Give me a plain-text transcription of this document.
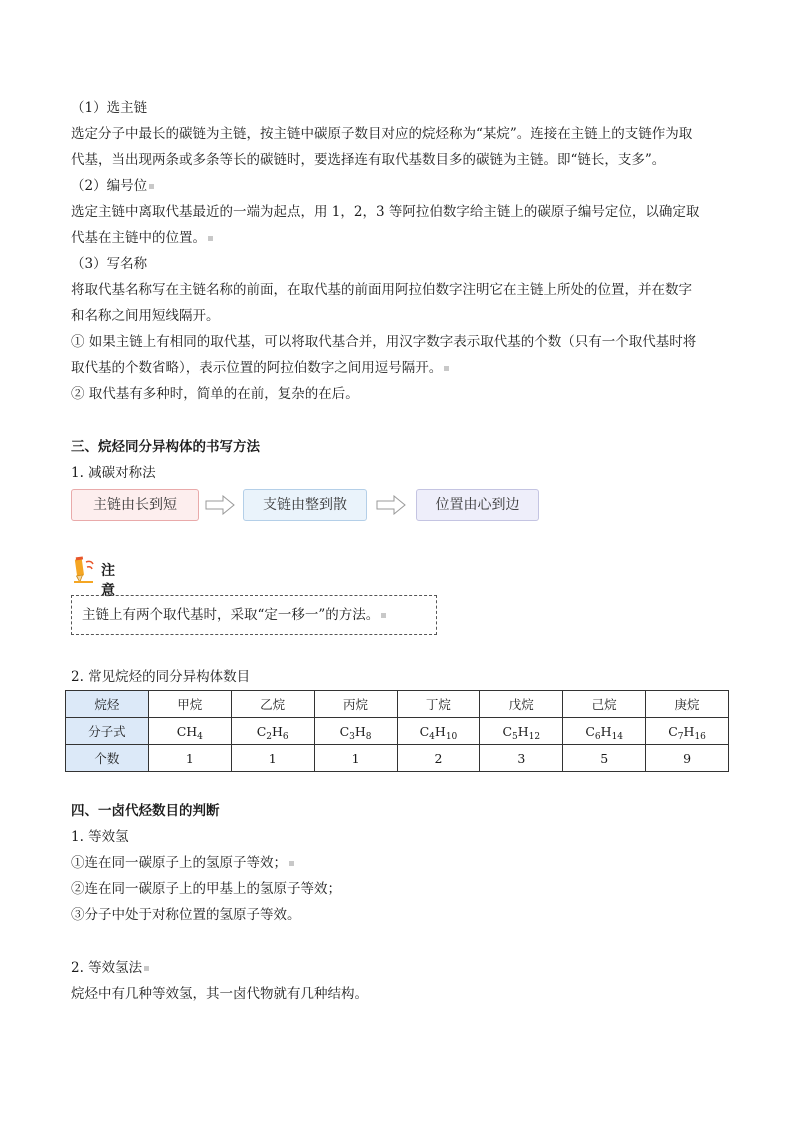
（1）选主链
选定分子中最长的碳链为主链，按主链中碳原子数目对应的烷烃称为“某烷”。连接在主链上的支链作为取
代基，当出现两条或多条等长的碳链时，要选择连有取代基数目多的碳链为主链。即“链长，支多”。
（2）编号位
选定主链中离取代基最近的一端为起点，用 1，2，3 等阿拉伯数字给主链上的碳原子编号定位，以确定取
代基在主链中的位置。
（3）写名称
将取代基名称写在主链名称的前面，在取代基的前面用阿拉伯数字注明它在主链上所处的位置，并在数字
和名称之间用短线隔开。
① 如果主链上有相同的取代基，可以将取代基合并，用汉字数字表示取代基的个数（只有一个取代基时将
取代基的个数省略），表示位置的阿拉伯数字之间用逗号隔开。
② 取代基有多种时，简单的在前，复杂的在后。
三、烷烃同分异构体的书写方法
1. 减碳对称法
主链由长到短	支链由整到散	位置由心到边
注意
主链上有两个取代基时，采取“定一移一”的方法。
2. 常见烷烃的同分异构体数目
烷烃	甲烷	乙烷	丙烷	丁烷	戊烷	己烷	庚烷
分子式	$CH_4$	$C_2H_6$	$C_3H_8$	$C_4H_{10}$	$C_5H_{12}$	$C_6H_{14}$	$C_7H_{16}$
个数	1	1	1	2	3	5	9
四、一卤代烃数目的判断
1. 等效氢
①连在同一碳原子上的氢原子等效；
②连在同一碳原子上的甲基上的氢原子等效；
③分子中处于对称位置的氢原子等效。
2. 等效氢法
烷烃中有几种等效氢，其一卤代物就有几种结构。
